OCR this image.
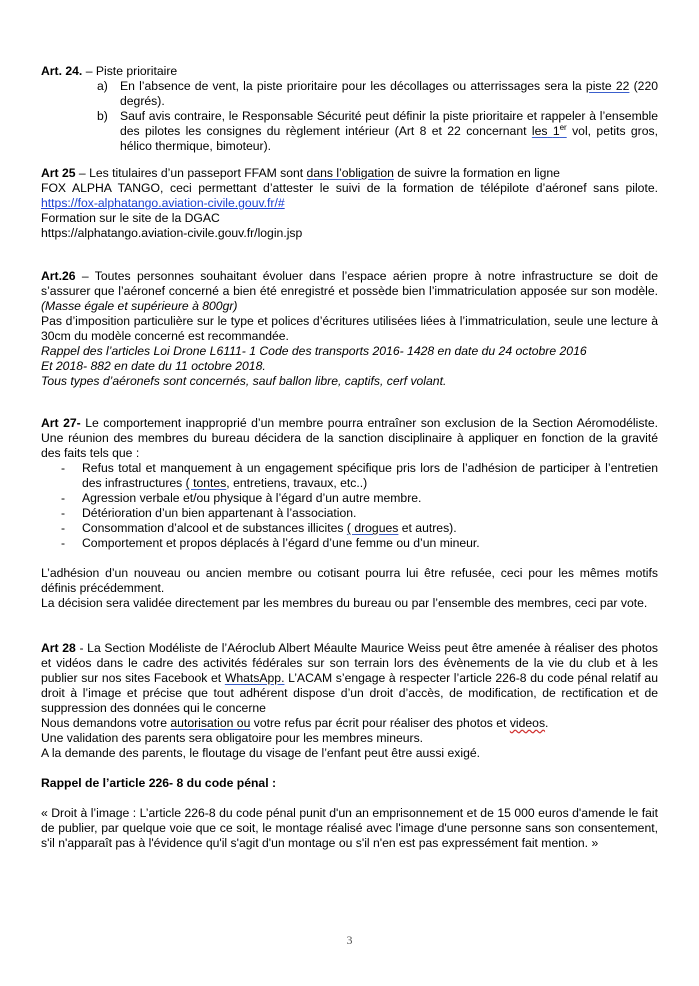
Art. 24. – Piste prioritaire

a) En l’absence de vent, la piste prioritaire pour les décollages ou atterrissages sera la piste 22 (220 degrés).
b) Sauf avis contraire, le Responsable Sécurité peut définir la piste prioritaire et rappeler à l’ensemble des pilotes les consignes du règlement intérieur (Art 8 et 22 concernant les 1er vol, petits gros, hélico thermique, bimoteur).

Art 25 – Les titulaires d’un passeport FFAM sont dans l’obligation de suivre la formation en ligne

FOX ALPHA TANGO, ceci permettant d’attester le suivi de la formation de télépilote d’aéronef sans pilote. https://fox-alphatango.aviation-civile.gouv.fr/#

Formation sur le site de la DGAC

https://alphatango.aviation-civile.gouv.fr/login.jsp

Art.26 – Toutes personnes souhaitant évoluer dans l’espace aérien propre à notre infrastructure se doit de s’assurer que l’aéronef concerné a bien été enregistré et possède bien l’immatriculation apposée sur son modèle. (Masse égale et supérieure à 800gr)

Pas d’imposition particulière sur le type et polices d’écritures utilisées liées à l’immatriculation, seule une lecture à 30cm du modèle concerné est recommandée.

Rappel des l’articles Loi Drone L6111- 1 Code des transports 2016- 1428 en date du 24 octobre 2016

Et 2018- 882 en date du 11 octobre 2018.

Tous types d’aéronefs sont concernés, sauf ballon libre, captifs, cerf volant.

Art 27- Le comportement inapproprié d’un membre pourra entraîner son exclusion de la Section Aéromodéliste. Une réunion des membres du bureau décidera de la sanction disciplinaire à appliquer en fonction de la gravité des faits tels que :

- Refus total et manquement à un engagement spécifique pris lors de l’adhésion de participer à l’entretien des infrastructures ( tontes, entretiens, travaux, etc..)
- Agression verbale et/ou physique à l’égard d’un autre membre.
- Détérioration d’un bien appartenant à l’association.
- Consommation d’alcool et de substances illicites ( drogues et autres).
- Comportement et propos déplacés à l’égard d’une femme ou d’un mineur.

L’adhésion d’un nouveau ou ancien membre ou cotisant pourra lui être refusée, ceci pour les mêmes motifs définis précédemment.

La décision sera validée directement par les membres du bureau ou par l’ensemble des membres, ceci par vote.

Art 28 - La Section Modéliste de l’Aéroclub Albert Méaulte Maurice Weiss peut être amenée à réaliser des photos et vidéos dans le cadre des activités fédérales sur son terrain lors des évènements de la vie du club et à les publier sur nos sites Facebook et WhatsApp. L’ACAM s’engage à respecter l’article 226-8 du code pénal relatif au droit à l’image et précise que tout adhérent dispose d’un droit d’accès, de modification, de rectification et de suppression des données qui le concerne

Nous demandons votre autorisation ou votre refus par écrit pour réaliser des photos et videos.

Une validation des parents sera obligatoire pour les membres mineurs.

A la demande des parents, le floutage du visage de l’enfant peut être aussi exigé.

Rappel de l’article 226- 8 du code pénal :

« Droit à l’image : L’article 226-8 du code pénal punit d'un an emprisonnement et de 15 000 euros d'amende le fait de publier, par quelque voie que ce soit, le montage réalisé avec l'image d'une personne sans son consentement, s'il n'apparaît pas à l'évidence qu'il s'agit d'un montage ou s'il n'en est pas expressément fait mention. »

3
